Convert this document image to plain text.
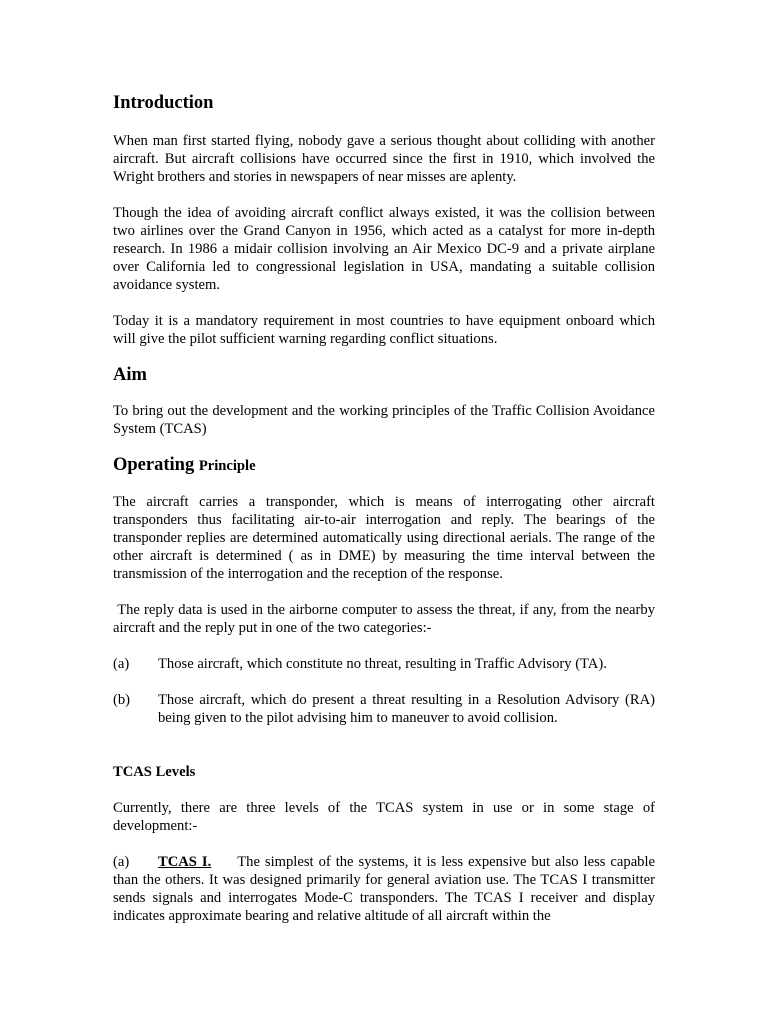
Introduction

When man first started flying, nobody gave a serious thought about colliding with another aircraft. But aircraft collisions have occurred since the first in 1910, which involved the Wright brothers and stories in newspapers of near misses are aplenty.

Though the idea of avoiding aircraft conflict always existed, it was the collision between two airlines over the Grand Canyon in 1956, which acted as a catalyst for more in-depth research. In 1986 a midair collision involving an Air Mexico DC-9 and a private airplane over California led to congressional legislation in USA, mandating a suitable collision avoidance system.

Today it is a mandatory requirement in most countries to have equipment onboard which will give the pilot sufficient warning regarding conflict situations.

Aim

To bring out the development and the working principles of the Traffic Collision Avoidance System (TCAS)

Operating Principle

The aircraft carries a transponder, which is means of interrogating other aircraft transponders thus facilitating air-to-air interrogation and reply. The bearings of the transponder replies are determined automatically using directional aerials. The range of the other aircraft is determined ( as in DME) by measuring the time interval between the transmission of the interrogation and the reception of the response.

The reply data is used in the airborne computer to assess the threat, if any, from the nearby aircraft and the reply put in one of the two categories:-

(a)	Those aircraft, which constitute no threat, resulting in Traffic Advisory (TA).
(b)	Those aircraft, which do present a threat resulting in a Resolution Advisory (RA) being given to the pilot advising him to maneuver to avoid collision.
TCAS Levels

Currently, there are three levels of the TCAS system in use or in some stage of development:-

(a) TCAS I. The simplest of the systems, it is less expensive but also less capable than the others. It was designed primarily for general aviation use. The TCAS I transmitter sends signals and interrogates Mode-C transponders. The TCAS I receiver and display indicates approximate bearing and relative altitude of all aircraft within the
